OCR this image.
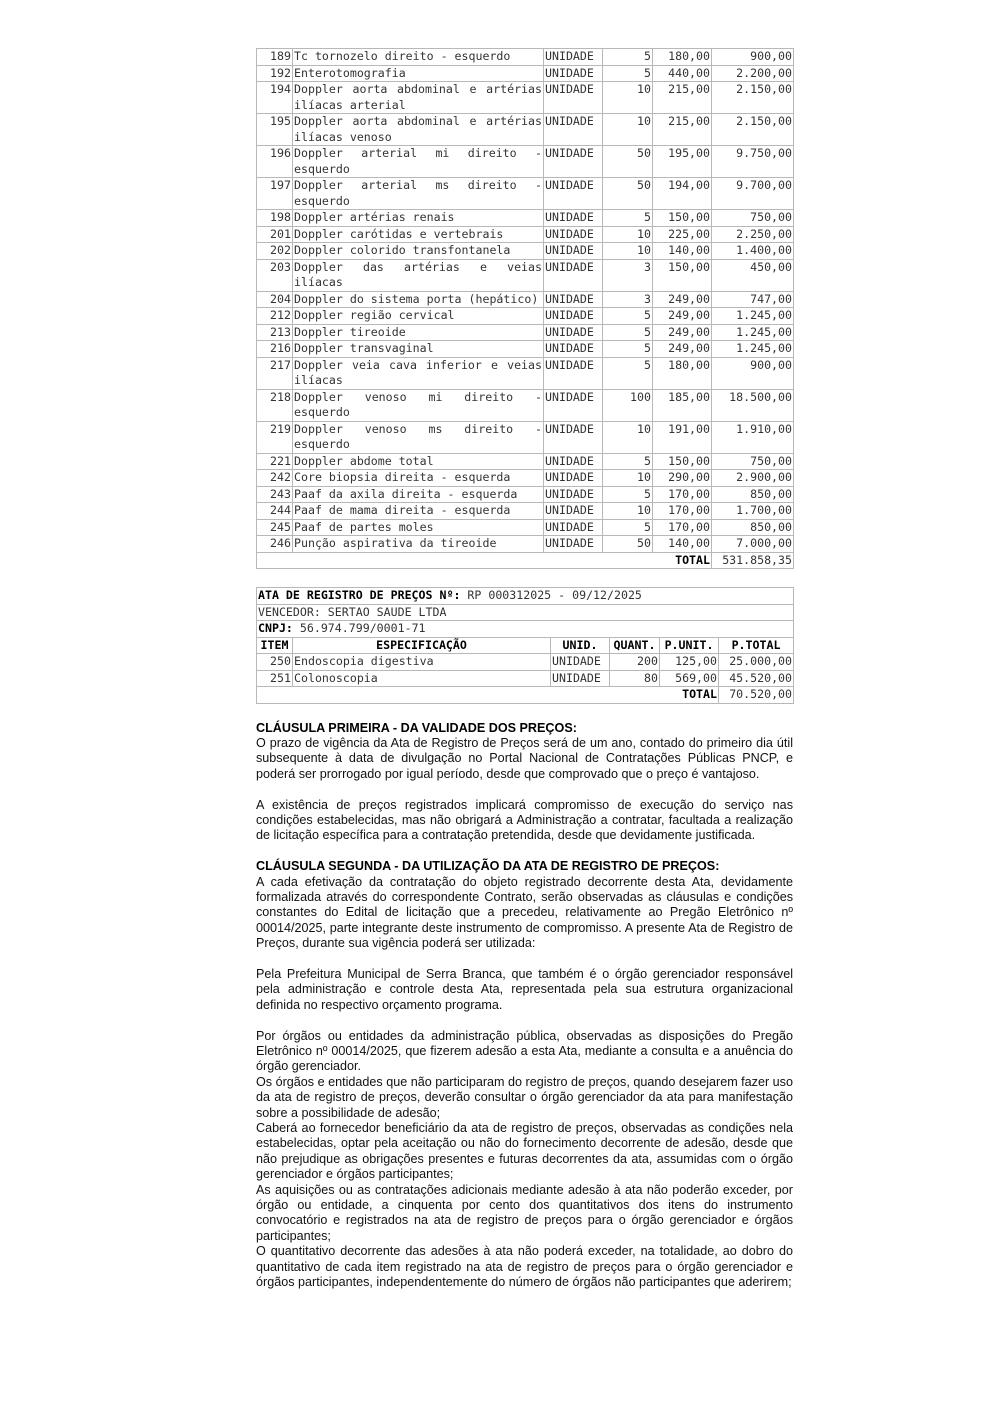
189	Tc tornozelo direito - esquerdo	UNIDADE	5	180,00	900,00
192	Enterotomografia	UNIDADE	5	440,00	2.200,00
194	Doppler aorta abdominal e artérias ilíacas arterial	UNIDADE	10	215,00	2.150,00
195	Doppler aorta abdominal e artérias ilíacas venoso	UNIDADE	10	215,00	2.150,00
196	Doppler arterial mi direito - esquerdo	UNIDADE	50	195,00	9.750,00
197	Doppler arterial ms direito - esquerdo	UNIDADE	50	194,00	9.700,00
198	Doppler artérias renais	UNIDADE	5	150,00	750,00
201	Doppler carótidas e vertebrais	UNIDADE	10	225,00	2.250,00
202	Doppler colorido transfontanela	UNIDADE	10	140,00	1.400,00
203	Doppler das artérias e veias ilíacas	UNIDADE	3	150,00	450,00
204	Doppler do sistema porta (hepático)	UNIDADE	3	249,00	747,00
212	Doppler região cervical	UNIDADE	5	249,00	1.245,00
213	Doppler tireoide	UNIDADE	5	249,00	1.245,00
216	Doppler transvaginal	UNIDADE	5	249,00	1.245,00
217	Doppler veia cava inferior e veias ilíacas	UNIDADE	5	180,00	900,00
218	Doppler venoso mi direito - esquerdo	UNIDADE	100	185,00	18.500,00
219	Doppler venoso ms direito - esquerdo	UNIDADE	10	191,00	1.910,00
221	Doppler abdome total	UNIDADE	5	150,00	750,00
242	Core biopsia direita - esquerda	UNIDADE	10	290,00	2.900,00
243	Paaf da axila direita - esquerda	UNIDADE	5	170,00	850,00
244	Paaf de mama direita - esquerda	UNIDADE	10	170,00	1.700,00
245	Paaf de partes moles	UNIDADE	5	170,00	850,00
246	Punção aspirativa da tireoide	UNIDADE	50	140,00	7.000,00
TOTAL					531.858,35
ATA DE REGISTRO DE PREÇOS Nº: RP 000312025 - 09/12/2025					
VENCEDOR: SERTAO SAUDE LTDA					
CNPJ: 56.974.799/0001-71					
ITEM	ESPECIFICAÇÃO	UNID.	QUANT.	P.UNIT.	P.TOTAL
250	Endoscopia digestiva	UNIDADE	200	125,00	25.000,00
251	Colonoscopia	UNIDADE	80	569,00	45.520,00
TOTAL					70.520,00
CLÁUSULA PRIMEIRA - DA VALIDADE DOS PREÇOS:

O prazo de vigência da Ata de Registro de Preços será de um ano, contado do primeiro dia útil subsequente à data de divulgação no Portal Nacional de Contratações Públicas PNCP, e poderá ser prorrogado por igual período, desde que comprovado que o preço é vantajoso.

A existência de preços registrados implicará compromisso de execução do serviço nas condições estabelecidas, mas não obrigará a Administração a contratar, facultada a realização de licitação específica para a contratação pretendida, desde que devidamente justificada.

CLÁUSULA SEGUNDA - DA UTILIZAÇÃO DA ATA DE REGISTRO DE PREÇOS:

A cada efetivação da contratação do objeto registrado decorrente desta Ata, devidamente formalizada através do correspondente Contrato, serão observadas as cláusulas e condições constantes do Edital de licitação que a precedeu, relativamente ao Pregão Eletrônico nº 00014/2025, parte integrante deste instrumento de compromisso. A presente Ata de Registro de Preços, durante sua vigência poderá ser utilizada:

Pela Prefeitura Municipal de Serra Branca, que também é o órgão gerenciador responsável pela administração e controle desta Ata, representada pela sua estrutura organizacional definida no respectivo orçamento programa.

Por órgãos ou entidades da administração pública, observadas as disposições do Pregão Eletrônico nº 00014/2025, que fizerem adesão a esta Ata, mediante a consulta e a anuência do órgão gerenciador.

Os órgãos e entidades que não participaram do registro de preços, quando desejarem fazer uso da ata de registro de preços, deverão consultar o órgão gerenciador da ata para manifestação sobre a possibilidade de adesão;

Caberá ao fornecedor beneficiário da ata de registro de preços, observadas as condições nela estabelecidas, optar pela aceitação ou não do fornecimento decorrente de adesão, desde que não prejudique as obrigações presentes e futuras decorrentes da ata, assumidas com o órgão gerenciador e órgãos participantes;

As aquisições ou as contratações adicionais mediante adesão à ata não poderão exceder, por órgão ou entidade, a cinquenta por cento dos quantitativos dos itens do instrumento convocatório e registrados na ata de registro de preços para o órgão gerenciador e órgãos participantes;

O quantitativo decorrente das adesões à ata não poderá exceder, na totalidade, ao dobro do quantitativo de cada item registrado na ata de registro de preços para o órgão gerenciador e órgãos participantes, independentemente do número de órgãos não participantes que aderirem;
